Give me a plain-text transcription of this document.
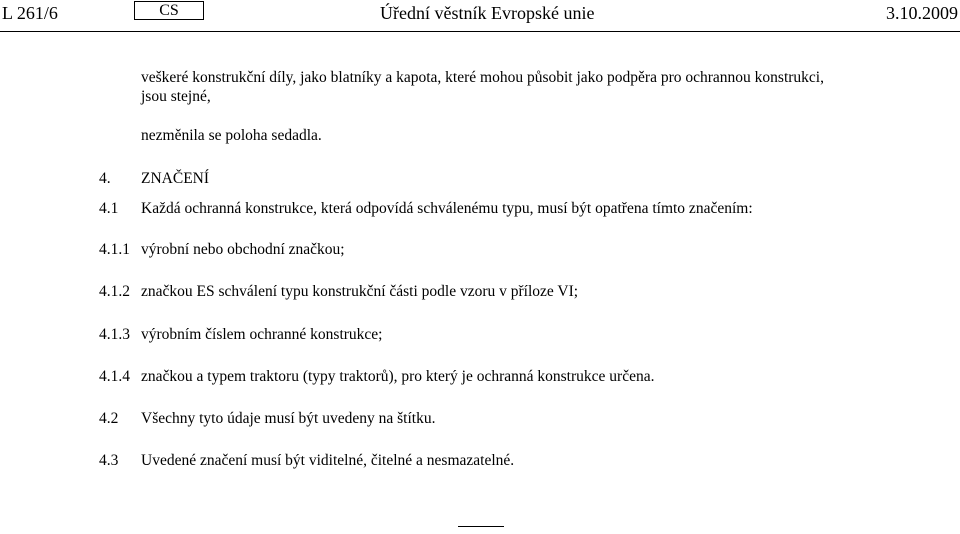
L 261/6	CS	Úřední věstník Evropské unie	3.10.2009
veškeré konstrukční díly, jako blatníky a kapota, které mohou působit jako podpěra pro ochrannou konstrukci,
jsou stejné,
nezměnila se poloha sedadla.
4. ZNAČENÍ
4.1 Každá ochranná konstrukce, která odpovídá schválenému typu, musí být opatřena tímto značením:
4.1.1 výrobní nebo obchodní značkou;
4.1.2 značkou ES schválení typu konstrukční části podle vzoru v příloze VI;
4.1.3 výrobním číslem ochranné konstrukce;
4.1.4 značkou a typem traktoru (typy traktorů), pro který je ochranná konstrukce určena.
4.2 Všechny tyto údaje musí být uvedeny na štítku.
4.3 Uvedené značení musí být viditelné, čitelné a nesmazatelné.
